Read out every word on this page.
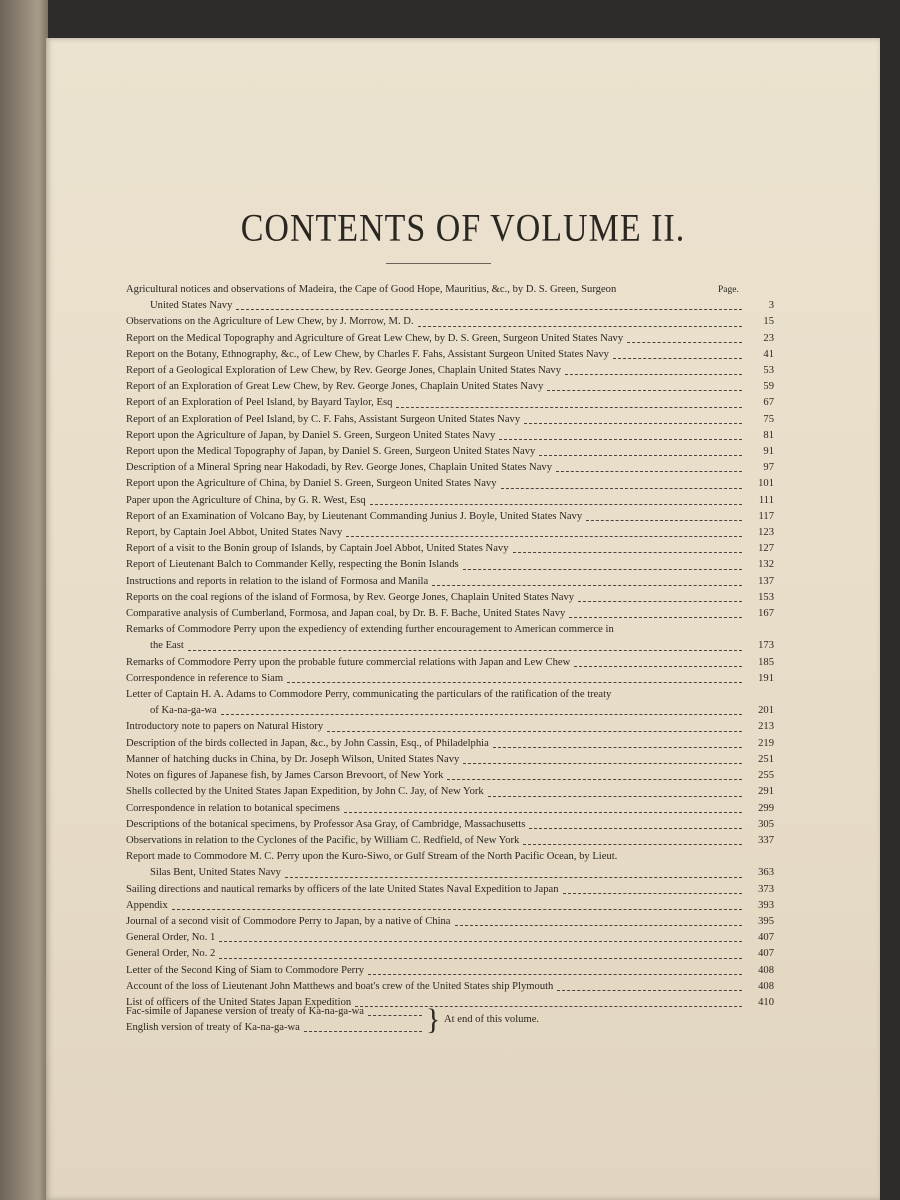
CONTENTS OF VOLUME II.
Page.
Agricultural notices and observations of Madeira, the Cape of Good Hope, Mauritius, &c., by D. S. Green, Surgeon
United States Navy	3
Observations on the Agriculture of Lew Chew, by J. Morrow, M. D.	15
Report on the Medical Topography and Agriculture of Great Lew Chew, by D. S. Green, Surgeon United States Navy	23
Report on the Botany, Ethnography, &c., of Lew Chew, by Charles F. Fahs, Assistant Surgeon United States Navy	41
Report of a Geological Exploration of Lew Chew, by Rev. George Jones, Chaplain United States Navy	53
Report of an Exploration of Great Lew Chew, by Rev. George Jones, Chaplain United States Navy	59
Report of an Exploration of Peel Island, by Bayard Taylor, Esq	67
Report of an Exploration of Peel Island, by C. F. Fahs, Assistant Surgeon United States Navy	75
Report upon the Agriculture of Japan, by Daniel S. Green, Surgeon United States Navy	81
Report upon the Medical Topography of Japan, by Daniel S. Green, Surgeon United States Navy	91
Description of a Mineral Spring near Hakodadi, by Rev. George Jones, Chaplain United States Navy	97
Report upon the Agriculture of China, by Daniel S. Green, Surgeon United States Navy	101
Paper upon the Agriculture of China, by G. R. West, Esq	111
Report of an Examination of Volcano Bay, by Lieutenant Commanding Junius J. Boyle, United States Navy	117
Report, by Captain Joel Abbot, United States Navy	123
Report of a visit to the Bonin group of Islands, by Captain Joel Abbot, United States Navy	127
Report of Lieutenant Balch to Commander Kelly, respecting the Bonin Islands	132
Instructions and reports in relation to the island of Formosa and Manila	137
Reports on the coal regions of the island of Formosa, by Rev. George Jones, Chaplain United States Navy	153
Comparative analysis of Cumberland, Formosa, and Japan coal, by Dr. B. F. Bache, United States Navy	167
Remarks of Commodore Perry upon the expediency of extending further encouragement to American commerce in
the East	173
Remarks of Commodore Perry upon the probable future commercial relations with Japan and Lew Chew	185
Correspondence in reference to Siam	191
Letter of Captain H. A. Adams to Commodore Perry, communicating the particulars of the ratification of the treaty
of Ka-na-ga-wa	201
Introductory note to papers on Natural History	213
Description of the birds collected in Japan, &c., by John Cassin, Esq., of Philadelphia	219
Manner of hatching ducks in China, by Dr. Joseph Wilson, United States Navy	251
Notes on figures of Japanese fish, by James Carson Brevoort, of New York	255
Shells collected by the United States Japan Expedition, by John C. Jay, of New York	291
Correspondence in relation to botanical specimens	299
Descriptions of the botanical specimens, by Professor Asa Gray, of Cambridge, Massachusetts	305
Observations in relation to the Cyclones of the Pacific, by William C. Redfield, of New York	337
Report made to Commodore M. C. Perry upon the Kuro-Siwo, or Gulf Stream of the North Pacific Ocean, by Lieut.
Silas Bent, United States Navy	363
Sailing directions and nautical remarks by officers of the late United States Naval Expedition to Japan	373
Appendix	393
Journal of a second visit of Commodore Perry to Japan, by a native of China	395
General Order, No. 1	407
General Order, No. 2	407
Letter of the Second King of Siam to Commodore Perry	408
Account of the loss of Lieutenant John Matthews and boat's crew of the United States ship Plymouth	408
List of officers of the United States Japan Expedition	410
Fac-simile of Japanese version of treaty of Ka-na-ga-wa
English version of treaty of Ka-na-ga-wa	} At end of this volume.
